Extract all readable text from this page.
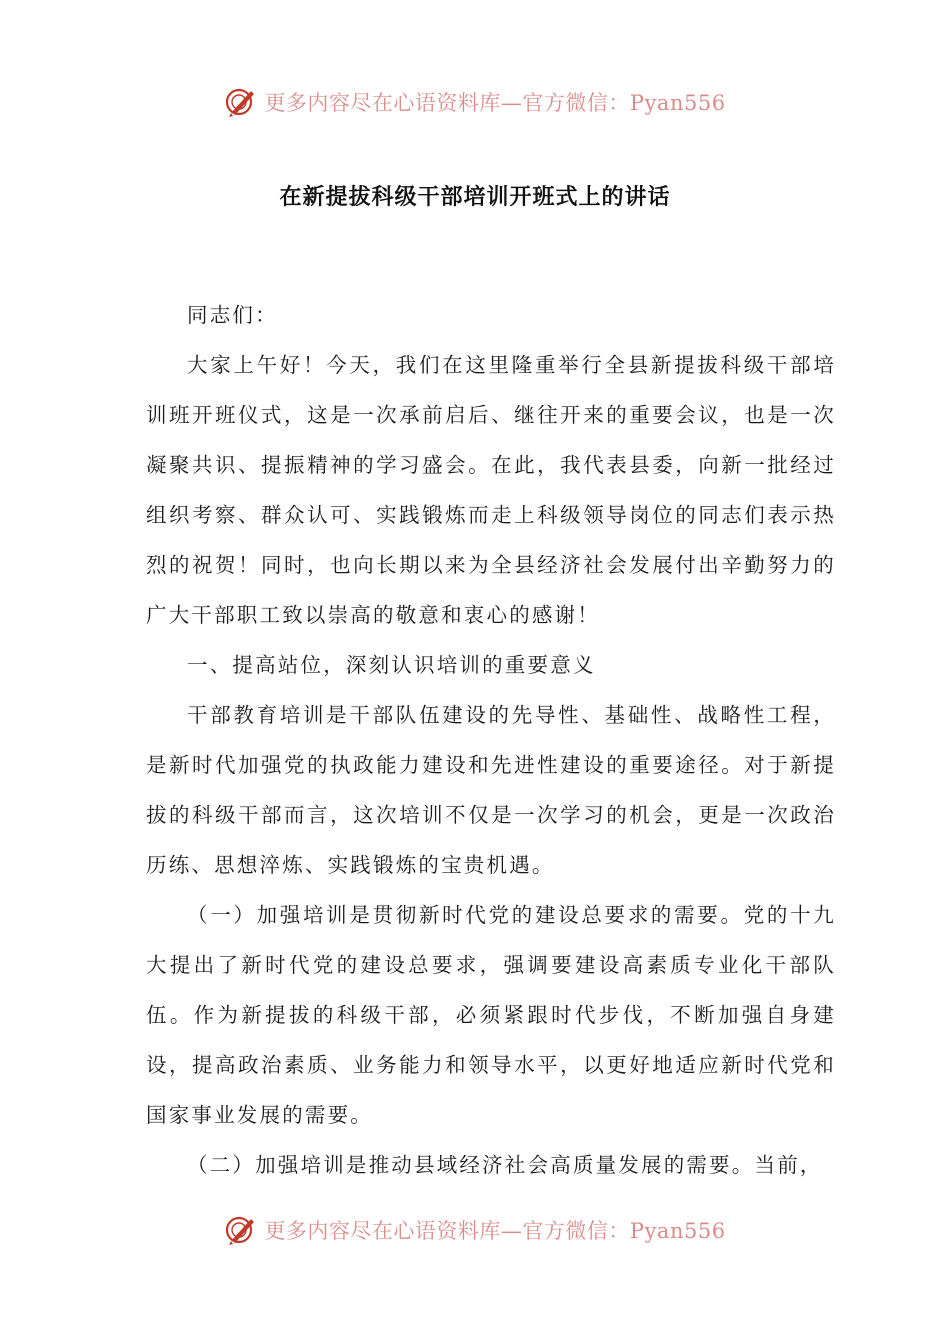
更多内容尽在心语资料库—官方微信：Pyan556
在新提拔科级干部培训开班式上的讲话

同志们：

大家上午好！今天，我们在这里隆重举行全县新提拔科级干部培训班开班仪式，这是一次承前启后、继往开来的重要会议，也是一次凝聚共识、提振精神的学习盛会。在此，我代表县委，向新一批经过组织考察、群众认可、实践锻炼而走上科级领导岗位的同志们表示热烈的祝贺！同时，也向长期以来为全县经济社会发展付出辛勤努力的广大干部职工致以崇高的敬意和衷心的感谢！

一、提高站位，深刻认识培训的重要意义

干部教育培训是干部队伍建设的先导性、基础性、战略性工程，是新时代加强党的执政能力建设和先进性建设的重要途径。对于新提拔的科级干部而言，这次培训不仅是一次学习的机会，更是一次政治历练、思想淬炼、实践锻炼的宝贵机遇。

（一）加强培训是贯彻新时代党的建设总要求的需要。党的十九大提出了新时代党的建设总要求，强调要建设高素质专业化干部队伍。作为新提拔的科级干部，必须紧跟时代步伐，不断加强自身建设，提高政治素质、业务能力和领导水平，以更好地适应新时代党和国家事业发展的需要。

（二）加强培训是推动县域经济社会高质量发展的需要。当前，

更多内容尽在心语资料库—官方微信：Pyan556
